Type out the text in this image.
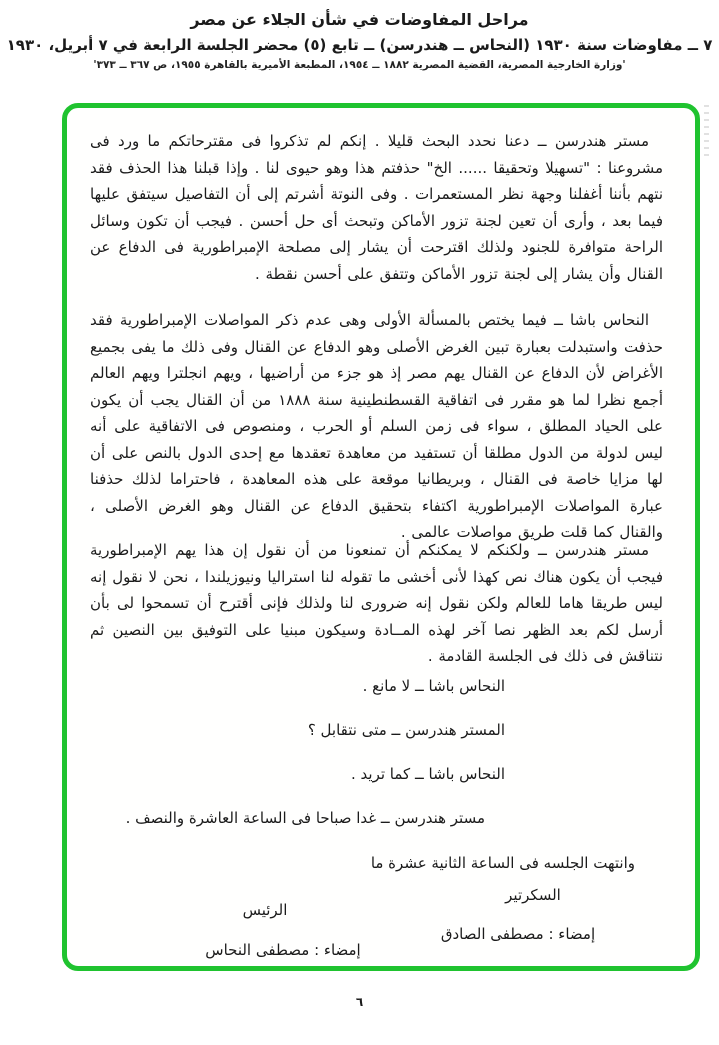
مراحل المفاوضات في شأن الجلاء عن مصر
٧ ــ مفاوضات سنة ١٩٣٠ (النحاس ــ هندرسن) ــ تابع (٥) محضر الجلسة الرابعة في ٧ أبريل، ١٩٣٠
'وزارة الخارجية المصرية، القضية المصرية ١٨٨٢ ــ ١٩٥٤، المطبعة الأميرية بالقاهرة ١٩٥٥، ص ٣٦٧ ــ ٣٧٣'

مستر هندرسن ــ دعنا نحدد البحث قليلا . إنكم لم تذكروا فى مقترحاتكم ما ورد فى مشروعنا : "تسهيلا وتحقيقا ...... الخ" حذفتم هذا وهو حيوى لنا . وإذا قبلنا هذا الحذف فقد نتهم بأننا أغفلنا وجهة نظر المستعمرات . وفى النوتة أشرتم إلى أن التفاصيل سيتفق عليها فيما بعد ، وأرى أن تعين لجنة تزور الأماكن وتبحث أى حل أحسن . فيجب أن تكون وسائل الراحة متوافرة للجنود ولذلك اقترحت أن يشار إلى مصلحة الإمبراطورية فى الدفاع عن القنال وأن يشار إلى لجنة تزور الأماكن وتتفق على أحسن نقطة .

النحاس باشا ــ فيما يختص بالمسألة الأولى وهى عدم ذكر المواصلات الإمبراطورية فقد حذفت واستبدلت بعبارة تبين الغرض الأصلى وهو الدفاع عن القنال وفى ذلك ما يفى بجميع الأغراض لأن الدفاع عن القنال يهم مصر إذ هو جزء من أراضيها ، ويهم انجلترا ويهم العالم أجمع نظرا لما هو مقرر فى اتفاقية القسطنطينية سنة ١٨٨٨ من أن القنال يجب أن يكون على الحياد المطلق ، سواء فى زمن السلم أو الحرب ، ومنصوص فى الاتفاقية على أنه ليس لدولة من الدول مطلقا أن تستفيد من معاهدة تعقدها مع إحدى الدول بالنص على أن لها مزايا خاصة فى القنال ، وبريطانيا موقعة على هذه المعاهدة ، فاحتراما لذلك حذفنا عبارة المواصلات الإمبراطورية اكتفاء بتحقيق الدفاع عن القنال وهو الغرض الأصلى ، والقنال كما قلت طريق مواصلات عالمى .

مستر هندرسن ــ ولكنكم لا يمكنكم أن تمنعونا من أن نقول إن هذا يهم الإمبراطورية فيجب أن يكون هناك نص كهذا لأنى أخشى ما تقوله لنا استراليا ونيوزيلندا ، نحن لا نقول إنه ليس طريقا هاما للعالم ولكن نقول إنه ضرورى لنا ولذلك فإنى أقترح أن تسمحوا لى بأن أرسل لكم بعد الظهر نصا آخر لهذه المــادة وسيكون مبنيا على التوفيق بين النصين ثم نتناقش فى ذلك فى الجلسة القادمة .

النحاس باشا ــ لا مانع .

المستر هندرسن ــ متى نتقابل ؟

النحاس باشا ــ كما تريد .

مستر هندرسن ــ غدا صباحا فى الساعة العاشرة والنصف .

وانتهت الجلسه فى الساعة الثانية عشرة ما
السكرتير
إمضاء : مصطفى الصادق
الرئيس
إمضاء : مصطفى النحاس
٦
